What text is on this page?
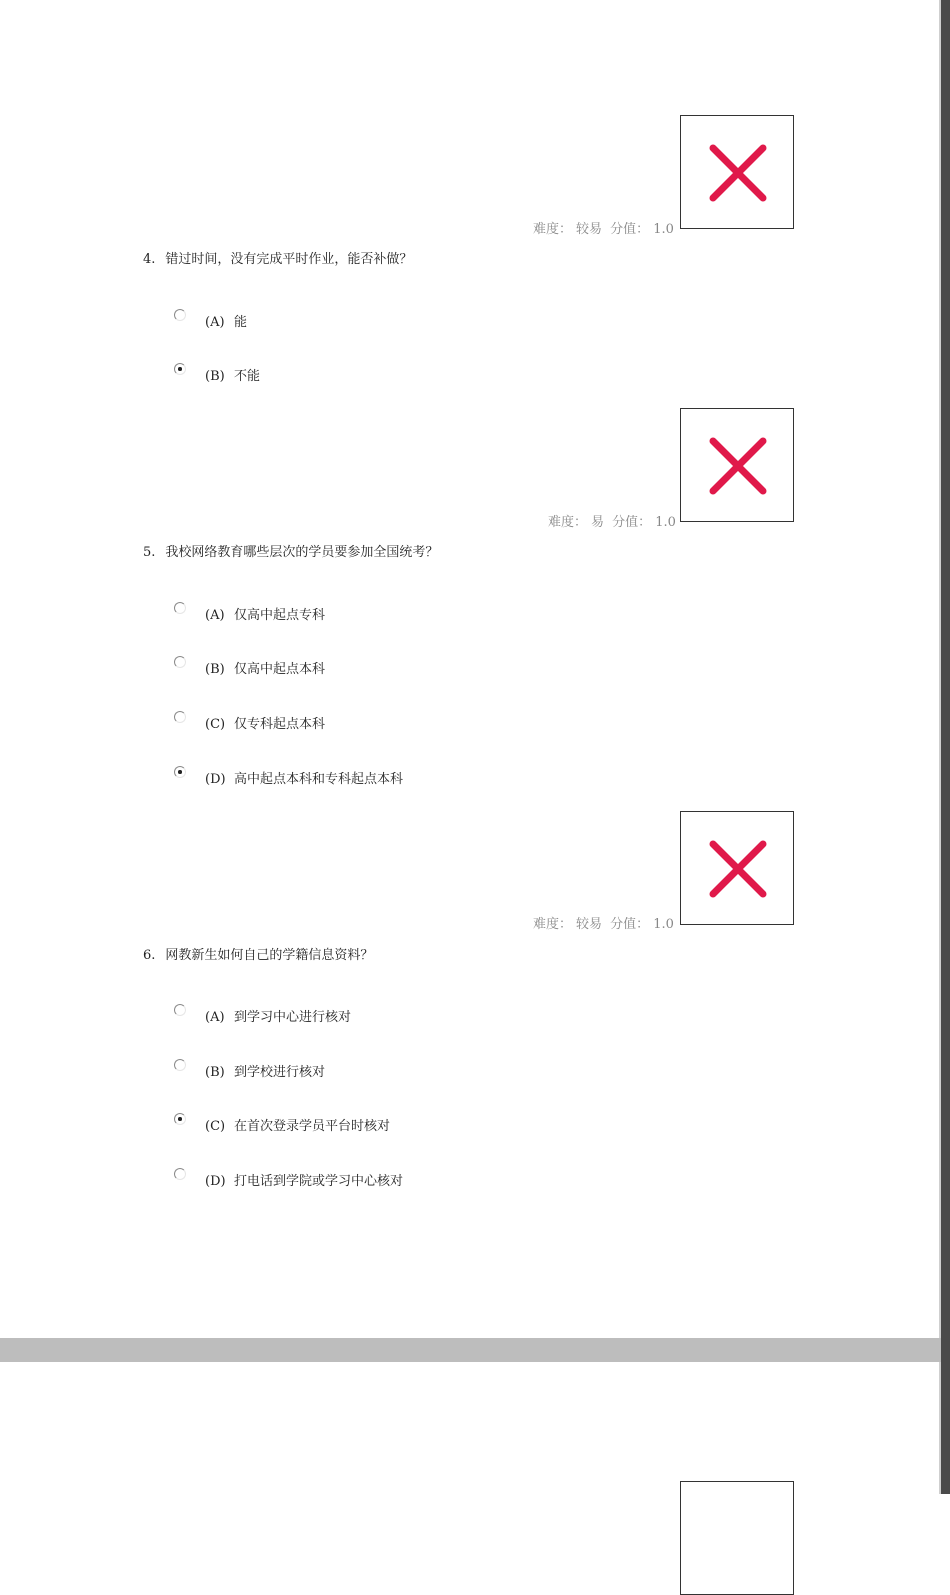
难度： 较易 分值： 1.0
4. 错过时间，没有完成平时作业，能否补做？
(A) 能
(B) 不能
难度： 易 分值： 1.0
5. 我校网络教育哪些层次的学员要参加全国统考？
(A) 仅高中起点专科
(B) 仅高中起点本科
(C) 仅专科起点本科
(D) 高中起点本科和专科起点本科
难度： 较易 分值： 1.0
6. 网教新生如何自己的学籍信息资料？
(A) 到学习中心进行核对
(B) 到学校进行核对
(C) 在首次登录学员平台时核对
(D) 打电话到学院或学习中心核对
